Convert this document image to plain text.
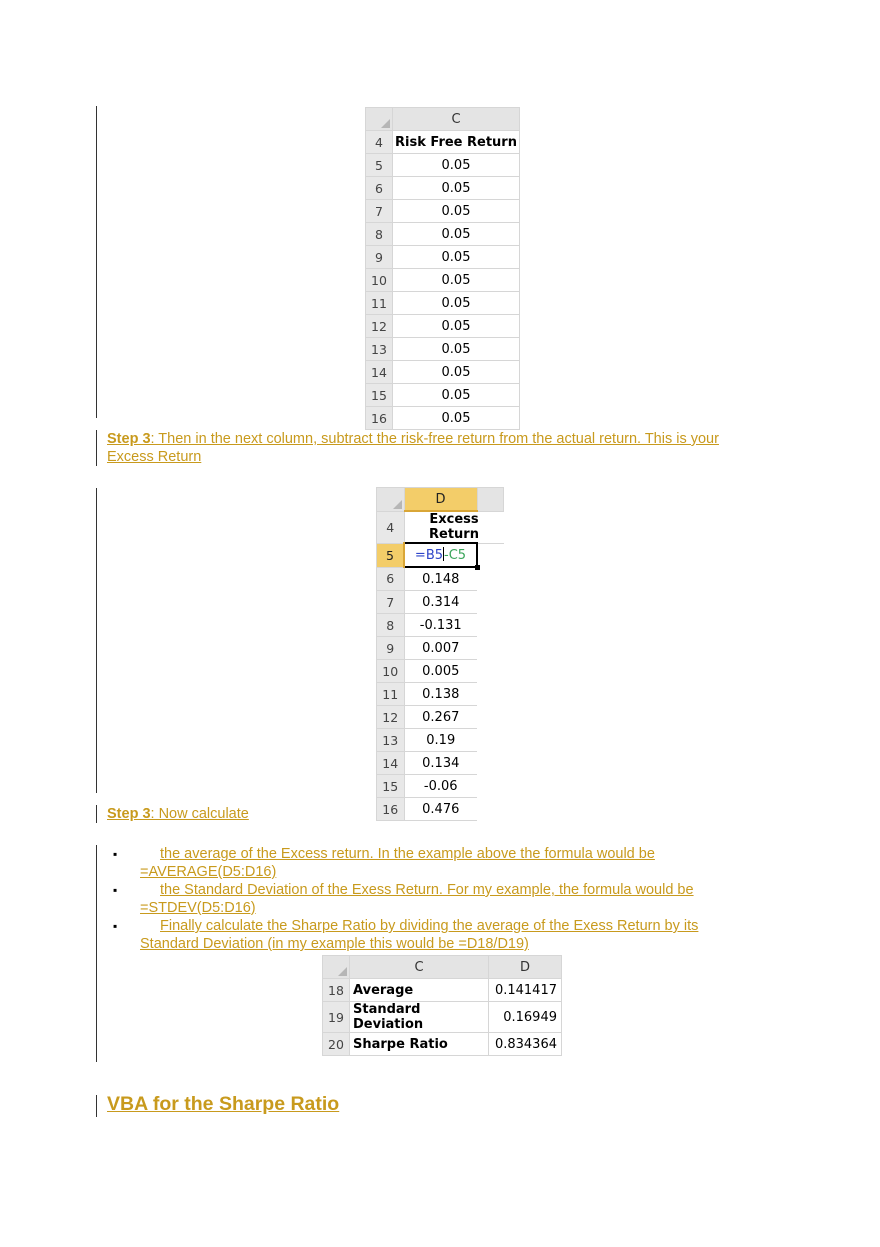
	C
4	Risk Free Return
5	0.05
6	0.05
7	0.05
8	0.05
9	0.05
10	0.05
11	0.05
12	0.05
13	0.05
14	0.05
15	0.05
16	0.05
Step 3: Then in the next column, subtract the risk-free return from the actual return. This is your
Excess Return
	D	
4	Excess Return	
5	=B5-C5	
6	0.148	
7	0.314	
8	-0.131	
9	0.007	
10	0.005	
11	0.138	
12	0.267	
13	0.19	
14	0.134	
15	-0.06	
16	0.476	
Step 3: Now calculate
▪	the average of the Excess return. In the example above the formula would be
=AVERAGE(D5:D16)
▪	the Standard Deviation of the Exess Return. For my example, the formula would be
=STDEV(D5:D16)
▪	Finally calculate the Sharpe Ratio by dividing the average of the Exess Return by its
Standard Deviation (in my example this would be =D18/D19)
	C	D
18	Average	0.141417
19	Standard Deviation	0.16949
20	Sharpe Ratio	0.834364
VBA for the Sharpe Ratio
